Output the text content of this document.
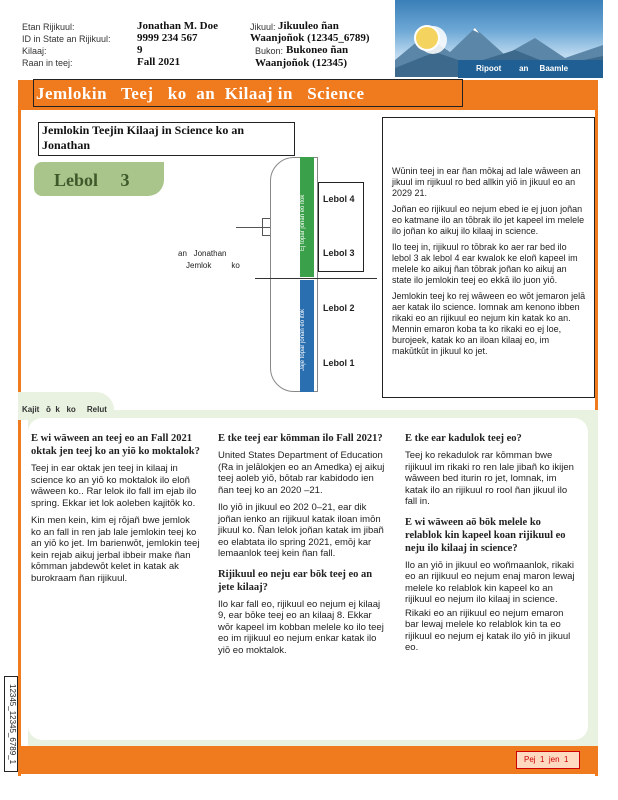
Etan Rijikuul:	Jonathan M. Doe
ID in State an Rijikuul: 9999 234 567
Kilaaj:	9
Raan in teej:	Fall 2021
Jikuul: Jikuuleo ñan
Waanjoñok (12345_6789)
Bukon: Bukoneo ñan
Waanjoñok (12345)	Ripoot        an     Baamle
Jemlokin   Teej   ko  an  Kilaaj in   Science
Jemlokin Teejin Kilaaj in Science ko an Jonathan
Lebol     3
Ej tōpar joñan eo itok
Jaje tōpar joñan eo itok
Lebol 4
Lebol 3
Lebol 2
Lebol 1
an   Jonathan
Jemlok         ko

Wūnin teej in ear ñan mōkaj ad lale wāween an jikuul im rijikuul ro bed allkin yiō in jikuul eo an 2029 21.

Joñan eo rijikuul eo nejum ebed ie ej juon joñan eo katmane ilo an tōbrak ilo jet kapeel im melele ilo joñan ko aikuj ilo kilaaj in science.

Ilo teej in, rijikuul ro tōbrak ko aer rar bed ilo lebol 3 ak lebol 4 ear kwalok ke eloñ kapeel im melele ko aikuj ñan tōbrak joñan ko aikuj an state ilo jemlokin teej eo ekkā ilo juon yiō.

Jemlokin teej ko rej wāween eo wōt jemaron jelā aer katak ilo science. Iomnak am kenono ibben rikaki eo an rijikuul eo nejum kin katak ko an. Mennin emaron koba ta ko rikaki eo ej loe, burojeek, katak ko an iloan kilaaj eo, im makūtkūt in jikuul ko jet.

Kajit   ō  k   ko     Relut
E wi wāween an teej eo an Fall 2021 oktak jen teej ko an yiō ko moktalok?

Teej in ear oktak jen teej in kilaaj in science ko an yiō ko moktalok ilo eloñ wāween ko.. Rar lelok ilo fall im ejab ilo spring. Ekkar iet lok aoleben kajitōk ko.

Kin men kein, kim ej rōjañ bwe jemlok ko an fall in ren jab lale jemlokin teej ko an yiō ko jet. Im barienwōt, jemlokin teej kein rejab aikuj jerbal ibbeir make ñan kōmman jabdewōt kelet in katak ak burokraam ñan rijikuul.

E tke teej ear kōmman ilo Fall 2021?

United States Department of Education (Ra in jelālokjen eo an Amedka) ej aikuj teej aoleb yiō, bōtab rar kabidodo ien ñan teej ko an 2020 –21.

Ilo yiō in jikuul eo 202 0–21, ear dik joñan ienko an rijikuul katak iloan imōn jikuul ko. Ñan lelok joñan katak im jibañ eo elabtata ilo spring 2021, emōj kar lemaanlok teej kein ñan fall.

Rijikuul eo neju ear bōk teej eo an jete kilaaj?

Ilo kar fall eo, rijikuul eo nejum ej kilaaj 9, ear bōke teej eo an kilaaj 8. Ekkar wōr kapeel im kobban melele ko ilo teej eo im rijikuul eo nejum enkar katak ilo yiō eo moktalok.

E tke ear kadulok teej eo?

Teej ko rekadulok rar kōmman bwe rijikuul im rikaki ro ren lale jibañ ko ikijen wāween bed iturin ro jet, lomnak, im katak ilo an rijikuul ro rool ñan jikuul ilo fall in.

E wi wāween aō bōk melele ko relablok kin kapeel koan rijikuul eo neju ilo kilaaj in science?

Ilo an yiō in jikuul eo woñmaanlok, rikaki eo an rijikuul eo nejum enaj maron lewaj melele ko relablok kin kapeel ko an rijikuul eo nejum ilo kilaaj in science.

Rikaki eo an rijikuul eo nejum emaron bar lewaj melele ko relablok kin ta eo rijikuul eo nejum ej katak ilo yiō in jikuul eo.

Pej  1  jen  1
12345_12345_6789_1
